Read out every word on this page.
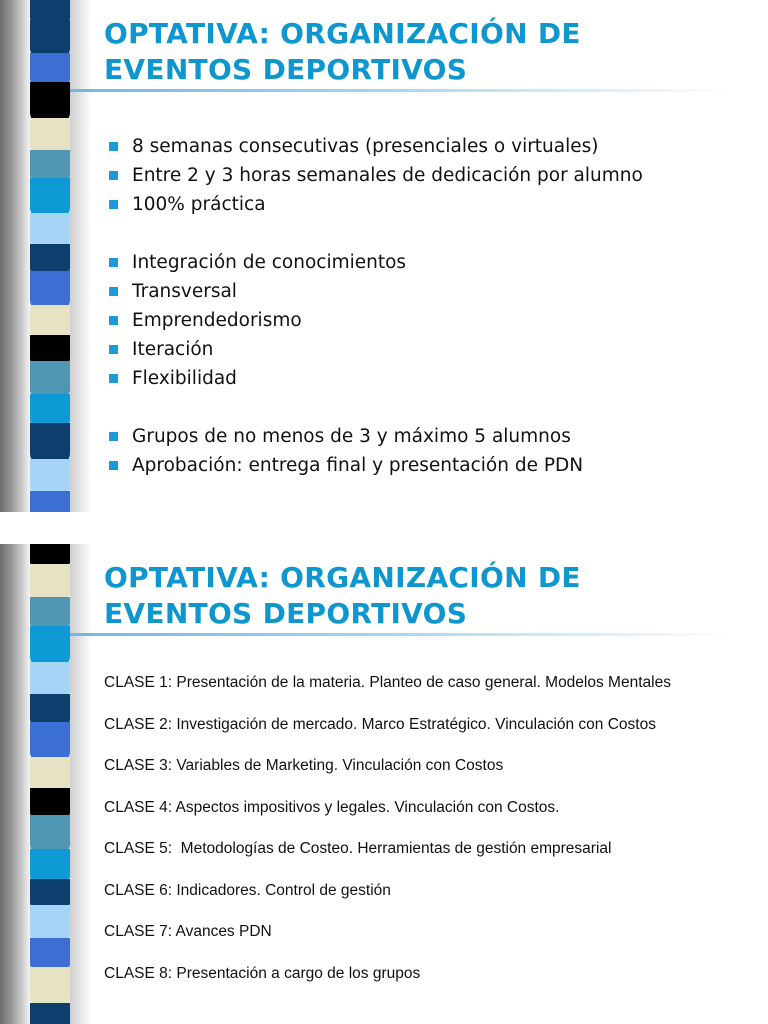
OPTATIVA: ORGANIZACIÓN DE
EVENTOS DEPORTIVOS
8 semanas consecutivas (presenciales o virtuales)
Entre 2 y 3 horas semanales de dedicación por alumno
100% práctica
Integración de conocimientos
Transversal
Emprendedorismo
Iteración
Flexibilidad
Grupos de no menos de 3 y máximo 5 alumnos
Aprobación: entrega final y presentación de PDN
OPTATIVA: ORGANIZACIÓN DE
EVENTOS DEPORTIVOS
CLASE 1: Presentación de la materia. Planteo de caso general. Modelos Mentales
CLASE 2: Investigación de mercado. Marco Estratégico. Vinculación con Costos
CLASE 3: Variables de Marketing. Vinculación con Costos
CLASE 4: Aspectos impositivos y legales. Vinculación con Costos.
CLASE 5:  Metodologías de Costeo. Herramientas de gestión empresarial
CLASE 6: Indicadores. Control de gestión
CLASE 7: Avances PDN
CLASE 8: Presentación a cargo de los grupos
